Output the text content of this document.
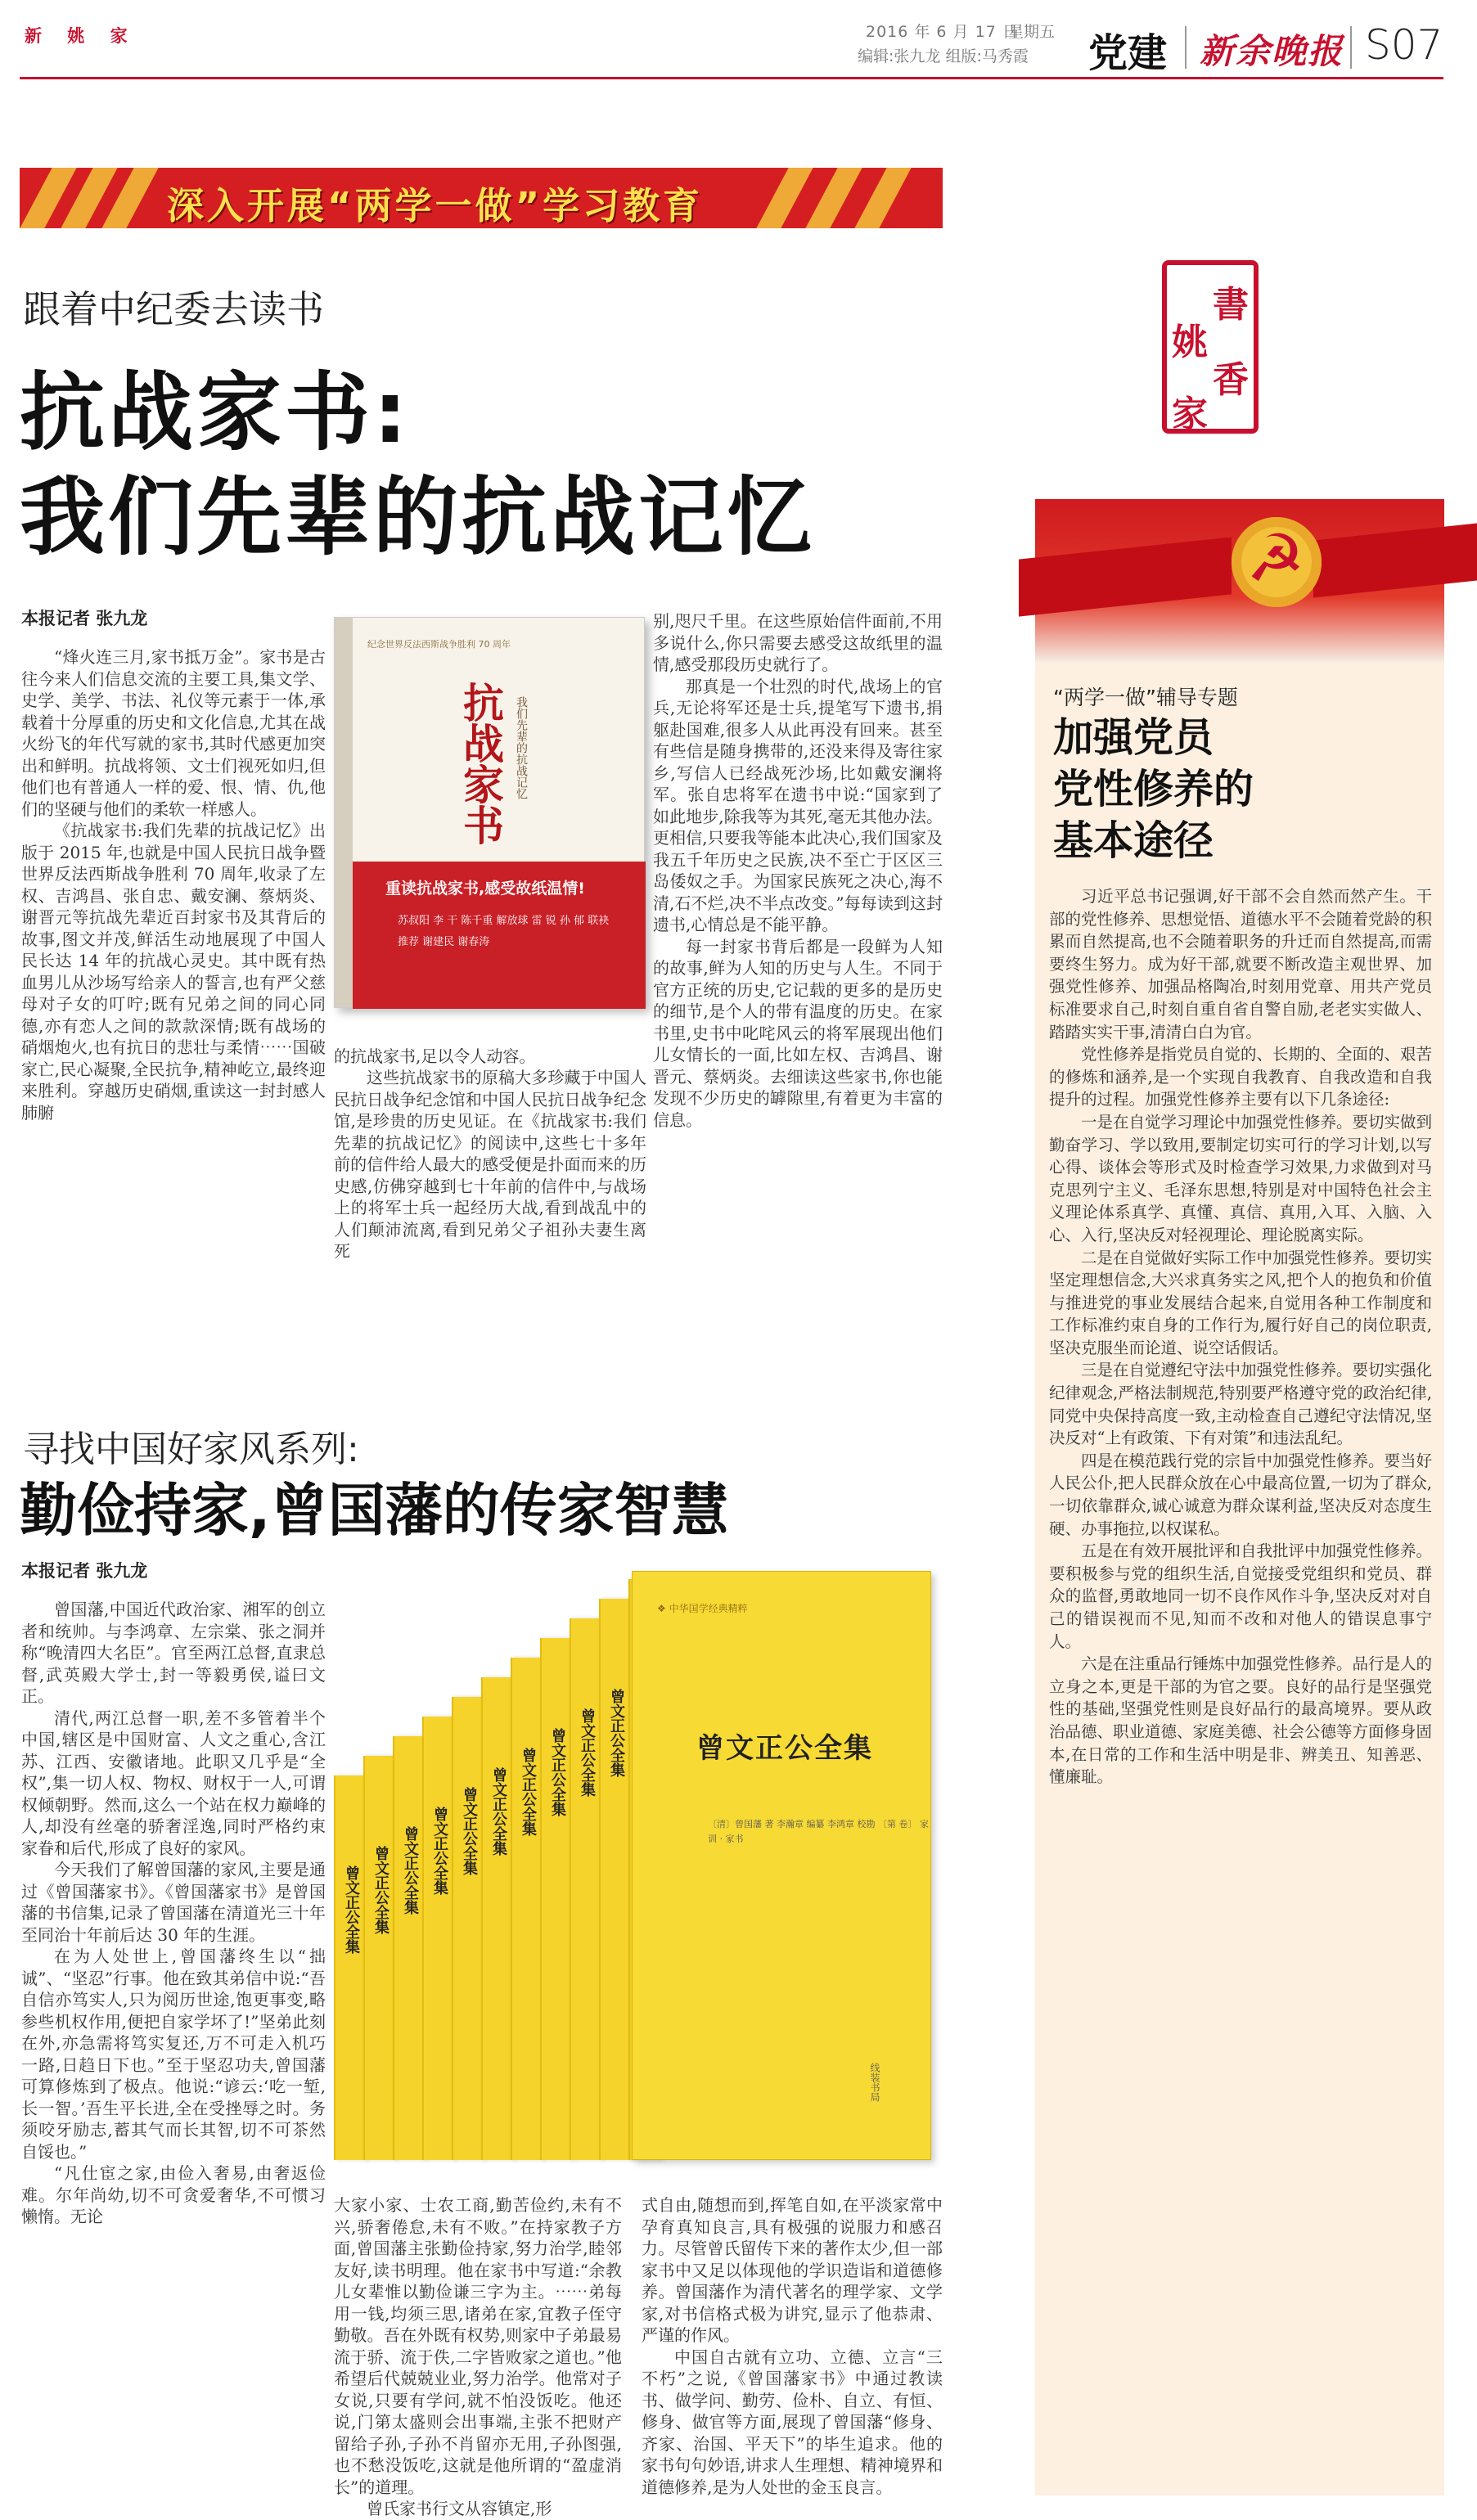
新 姚 家	2016 年 6 月 17 日
星期五
编辑:张九龙 组版:马秀霞 党建 新余晚报 S07
深入开展“两学一做”学习教育
跟着中纪委去读书
抗战家书:
我们先辈的抗战记忆
本报记者 张九龙

“烽火连三月,家书抵万金”。家书是古往今来人们信息交流的主要工具,集文学、史学、美学、书法、礼仪等元素于一体,承载着十分厚重的历史和文化信息,尤其在战火纷飞的年代写就的家书,其时代感更加突出和鲜明。抗战将领、文士们视死如归,但他们也有普通人一样的爱、恨、情、仇,他们的坚硬与他们的柔软一样感人。

《抗战家书:我们先辈的抗战记忆》出版于 2015 年,也就是中国人民抗日战争暨世界反法西斯战争胜利 70 周年,收录了左权、吉鸿昌、张自忠、戴安澜、蔡炳炎、谢晋元等抗战先辈近百封家书及其背后的故事,图文并茂,鲜活生动地展现了中国人民长达 14 年的抗战心灵史。其中既有热血男儿从沙场写给亲人的誓言,也有严父慈母对子女的叮咛;既有兄弟之间的同心同德,亦有恋人之间的款款深情;既有战场的硝烟炮火,也有抗日的悲壮与柔情⋯⋯国破家亡,民心凝聚,全民抗争,精神屹立,最终迎来胜利。穿越历史硝烟,重读这一封封感人肺腑

纪念世界反法西斯战争胜利 70 周年
抗战家书 我们先辈的抗战记忆
重读抗战家书,感受故纸温情!
苏叔阳 李 干 陈千重 解放球 雷 锐 孙 郁 联袂推荐 谢建民 谢春涛
的抗战家书,足以令人动容。

这些抗战家书的原稿大多珍藏于中国人民抗日战争纪念馆和中国人民抗日战争纪念馆,是珍贵的历史见证。在《抗战家书:我们先辈的抗战记忆》的阅读中,这些七十多年前的信件给人最大的感受便是扑面而来的历史感,仿佛穿越到七十年前的信件中,与战场上的将军士兵一起经历大战,看到战乱中的人们颠沛流离,看到兄弟父子祖孙夫妻生离死

别,咫尺千里。在这些原始信件面前,不用多说什么,你只需要去感受这故纸里的温情,感受那段历史就行了。

那真是一个壮烈的时代,战场上的官兵,无论将军还是士兵,提笔写下遗书,捐躯赴国难,很多人从此再没有回来。甚至有些信是随身携带的,还没来得及寄往家乡,写信人已经战死沙场,比如戴安澜将军。张自忠将军在遗书中说:“国家到了如此地步,除我等为其死,毫无其他办法。更相信,只要我等能本此决心,我们国家及我五千年历史之民族,决不至亡于区区三岛倭奴之手。为国家民族死之决心,海不清,石不烂,决不半点改变。”每每读到这封遗书,心情总是不能平静。

每一封家书背后都是一段鲜为人知的故事,鲜为人知的历史与人生。不同于官方正统的历史,它记载的更多的是历史的细节,是个人的带有温度的历史。在家书里,史书中叱咤风云的将军展现出他们儿女情长的一面,比如左权、吉鸿昌、谢晋元、蔡炳炎。去细读这些家书,你也能发现不少历史的罅隙里,有着更为丰富的信息。

寻找中国好家风系列:
勤俭持家,曾国藩的传家智慧
本报记者 张九龙

曾国藩,中国近代政治家、湘军的创立者和统帅。与李鸿章、左宗棠、张之洞并称“晚清四大名臣”。官至两江总督,直隶总督,武英殿大学士,封一等毅勇侯,谥曰文正。

清代,两江总督一职,差不多管着半个中国,辖区是中国财富、人文之重心,含江苏、江西、安徽诸地。此职又几乎是“全权”,集一切人权、物权、财权于一人,可谓权倾朝野。然而,这么一个站在权力巅峰的人,却没有丝毫的骄奢淫逸,同时严格约束家眷和后代,形成了良好的家风。

今天我们了解曾国藩的家风,主要是通过《曾国藩家书》。《曾国藩家书》是曾国藩的书信集,记录了曾国藩在清道光三十年至同治十年前后达 30 年的生涯。

在为人处世上,曾国藩终生以“拙诚”、“坚忍”行事。他在致其弟信中说:“吾自信亦笃实人,只为阅历世途,饱更事变,略参些机权作用,便把自家学坏了!”坚弟此刻在外,亦急需将笃实复还,万不可走入机巧一路,日趋日下也。”至于坚忍功夫,曾国藩可算修炼到了极点。他说:“谚云:‘吃一堑,长一智。’吾生平长进,全在受挫辱之时。务须咬牙励志,蓄其气而长其智,切不可茶然自馁也。”

“凡仕宦之家,由俭入奢易,由奢返俭难。尔年尚幼,切不可贪爱奢华,不可惯习懒惰。无论

曾文正公全集 曾文正公全集 曾文正公全集 曾文正公全集 曾文正公全集 曾文正公全集 曾文正公全集 曾文正公全集 曾文正公全集 曾文正公全集
❖ 中华国学经典精粹
曾文正公全集
〔清〕曾国藩 著 李瀚章 编纂 李鸿章 校勘 〔第 卷〕 家训 · 家书
线装书局

大家小家、士农工商,勤苦俭约,未有不兴,骄奢倦怠,未有不败。”在持家教子方面,曾国藩主张勤俭持家,努力治学,睦邻友好,读书明理。他在家书中写道:“余教儿女辈惟以勤俭谦三字为主。⋯⋯弟每用一钱,均须三思,诸弟在家,宜教子侄守勤敬。吾在外既有权势,则家中子弟最易流于骄、流于佚,二字皆败家之道也。”他希望后代兢兢业业,努力治学。他常对子女说,只要有学问,就不怕没饭吃。他还说,门第太盛则会出事端,主张不把财产留给子孙,子孙不肖留亦无用,子孙图强,也不愁没饭吃,这就是他所谓的“盈虚消长”的道理。

曾氏家书行文从容镇定,形

式自由,随想而到,挥笔自如,在平淡家常中孕育真知良言,具有极强的说服力和感召力。尽管曾氏留传下来的著作太少,但一部家书中又足以体现他的学识造诣和道德修养。曾国藩作为清代著名的理学家、文学家,对书信格式极为讲究,显示了他恭肃、严谨的作风。

中国自古就有立功、立德、立言“三不朽”之说,《曾国藩家书》中通过教读书、做学问、勤劳、俭朴、自立、有恒、修身、做官等方面,展现了曾国藩“修身、齐家、治国、平天下”的毕生追求。他的家书句句妙语,讲求人生理想、精神境界和道德修养,是为人处世的金玉良言。

書
香
姚
家
☭
“两学一做”辅导专题
加强党员
党性修养的
基本途径

习近平总书记强调,好干部不会自然而然产生。干部的党性修养、思想觉悟、道德水平不会随着党龄的积累而自然提高,也不会随着职务的升迁而自然提高,而需要终生努力。成为好干部,就要不断改造主观世界、加强党性修养、加强品格陶冶,时刻用党章、用共产党员标准要求自己,时刻自重自省自警自励,老老实实做人、踏踏实实干事,清清白白为官。

党性修养是指党员自觉的、长期的、全面的、艰苦的修炼和涵养,是一个实现自我教育、自我改造和自我提升的过程。加强党性修养主要有以下几条途径:

一是在自觉学习理论中加强党性修养。要切实做到勤奋学习、学以致用,要制定切实可行的学习计划,以写心得、谈体会等形式及时检查学习效果,力求做到对马克思列宁主义、毛泽东思想,特别是对中国特色社会主义理论体系真学、真懂、真信、真用,入耳、入脑、入心、入行,坚决反对轻视理论、理论脱离实际。

二是在自觉做好实际工作中加强党性修养。要切实坚定理想信念,大兴求真务实之风,把个人的抱负和价值与推进党的事业发展结合起来,自觉用各种工作制度和工作标准约束自身的工作行为,履行好自己的岗位职责,坚决克服坐而论道、说空话假话。

三是在自觉遵纪守法中加强党性修养。要切实强化纪律观念,严格法制规范,特别要严格遵守党的政治纪律,同党中央保持高度一致,主动检查自己遵纪守法情况,坚决反对“上有政策、下有对策”和违法乱纪。

四是在模范践行党的宗旨中加强党性修养。要当好人民公仆,把人民群众放在心中最高位置,一切为了群众,一切依靠群众,诚心诚意为群众谋利益,坚决反对态度生硬、办事拖拉,以权谋私。

五是在有效开展批评和自我批评中加强党性修养。要积极参与党的组织生活,自觉接受党组织和党员、群众的监督,勇敢地同一切不良作风作斗争,坚决反对对自己的错误视而不见,知而不改和对他人的错误息事宁人。

六是在注重品行锤炼中加强党性修养。品行是人的立身之本,更是干部的为官之要。良好的品行是坚强党性的基础,坚强党性则是良好品行的最高境界。要从政治品德、职业道德、家庭美德、社会公德等方面修身固本,在日常的工作和生活中明是非、辨美丑、知善恶、懂廉耻。
